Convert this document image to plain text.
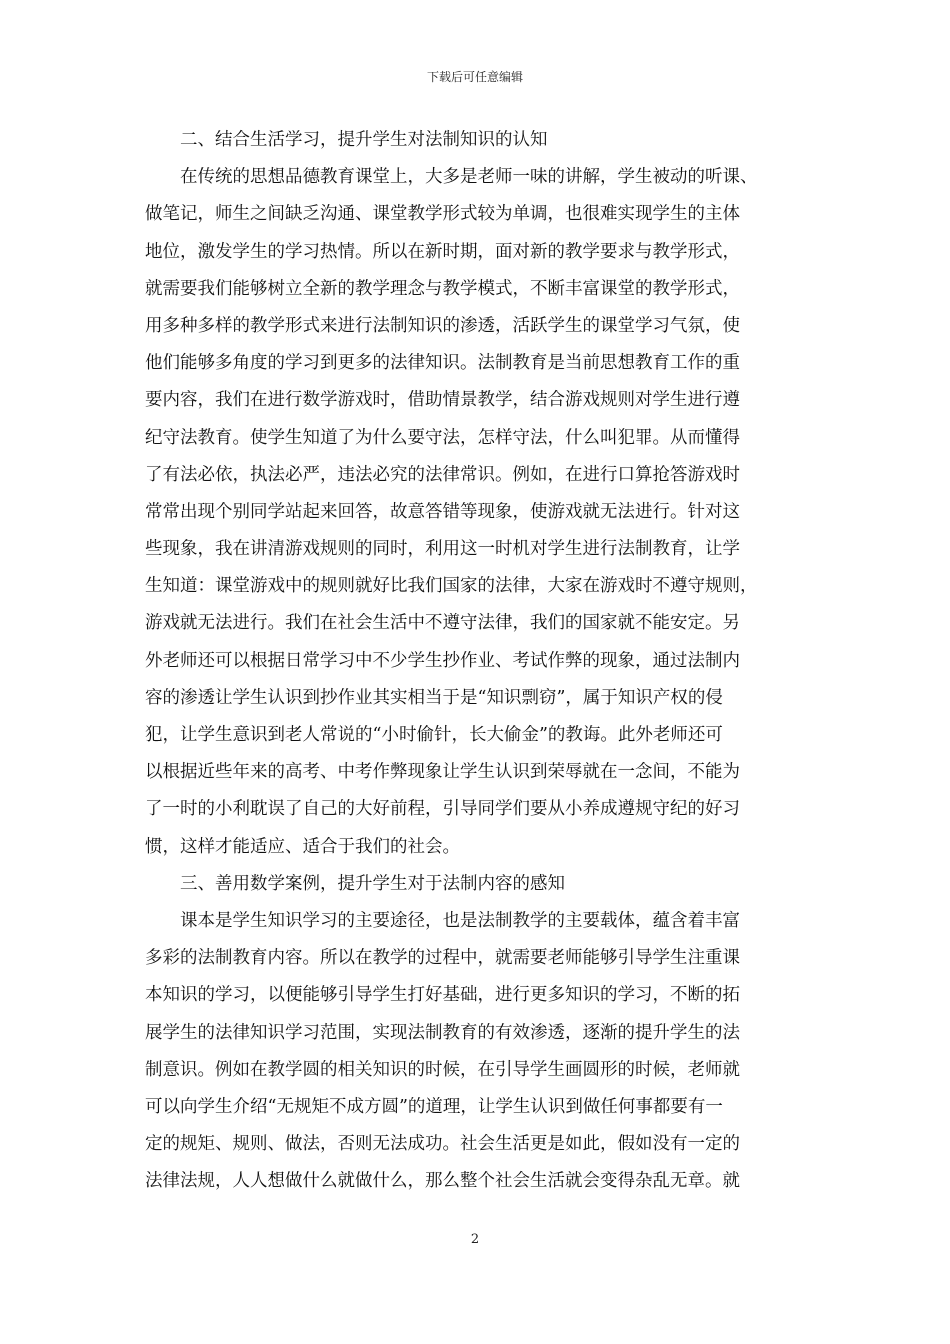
下载后可任意编辑
二、结合生活学习，提升学生对法制知识的认知
在传统的思想品德教育课堂上，大多是老师一味的讲解，学生被动的听课、
做笔记，师生之间缺乏沟通、课堂教学形式较为单调，也很难实现学生的主体
地位，激发学生的学习热情。所以在新时期，面对新的教学要求与教学形式，
就需要我们能够树立全新的教学理念与教学模式，不断丰富课堂的教学形式，
用多种多样的教学形式来进行法制知识的渗透，活跃学生的课堂学习气氛，使
他们能够多角度的学习到更多的法律知识。法制教育是当前思想教育工作的重
要内容，我们在进行数学游戏时，借助情景教学，结合游戏规则对学生进行遵
纪守法教育。使学生知道了为什么要守法，怎样守法，什么叫犯罪。从而懂得
了有法必依，执法必严，违法必究的法律常识。例如，在进行口算抢答游戏时
常常出现个别同学站起来回答，故意答错等现象，使游戏就无法进行。针对这
些现象，我在讲清游戏规则的同时，利用这一时机对学生进行法制教育，让学
生知道：课堂游戏中的规则就好比我们国家的法律，大家在游戏时不遵守规则，
游戏就无法进行。我们在社会生活中不遵守法律，我们的国家就不能安定。另
外老师还可以根据日常学习中不少学生抄作业、考试作弊的现象，通过法制内
容的渗透让学生认识到抄作业其实相当于是“知识剽窃”，属于知识产权的侵
犯，让学生意识到老人常说的“小时偷针，长大偷金”的教诲。此外老师还可
以根据近些年来的高考、中考作弊现象让学生认识到荣辱就在一念间，不能为
了一时的小利耽误了自己的大好前程，引导同学们要从小养成遵规守纪的好习
惯，这样才能适应、适合于我们的社会。
三、善用数学案例，提升学生对于法制内容的感知
课本是学生知识学习的主要途径，也是法制教学的主要载体，蕴含着丰富
多彩的法制教育内容。所以在教学的过程中，就需要老师能够引导学生注重课
本知识的学习，以便能够引导学生打好基础，进行更多知识的学习，不断的拓
展学生的法律知识学习范围，实现法制教育的有效渗透，逐渐的提升学生的法
制意识。例如在教学圆的相关知识的时候，在引导学生画圆形的时候，老师就
可以向学生介绍“无规矩不成方圆”的道理，让学生认识到做任何事都要有一
定的规矩、规则、做法，否则无法成功。社会生活更是如此，假如没有一定的
法律法规，人人想做什么就做什么，那么整个社会生活就会变得杂乱无章。就
2
